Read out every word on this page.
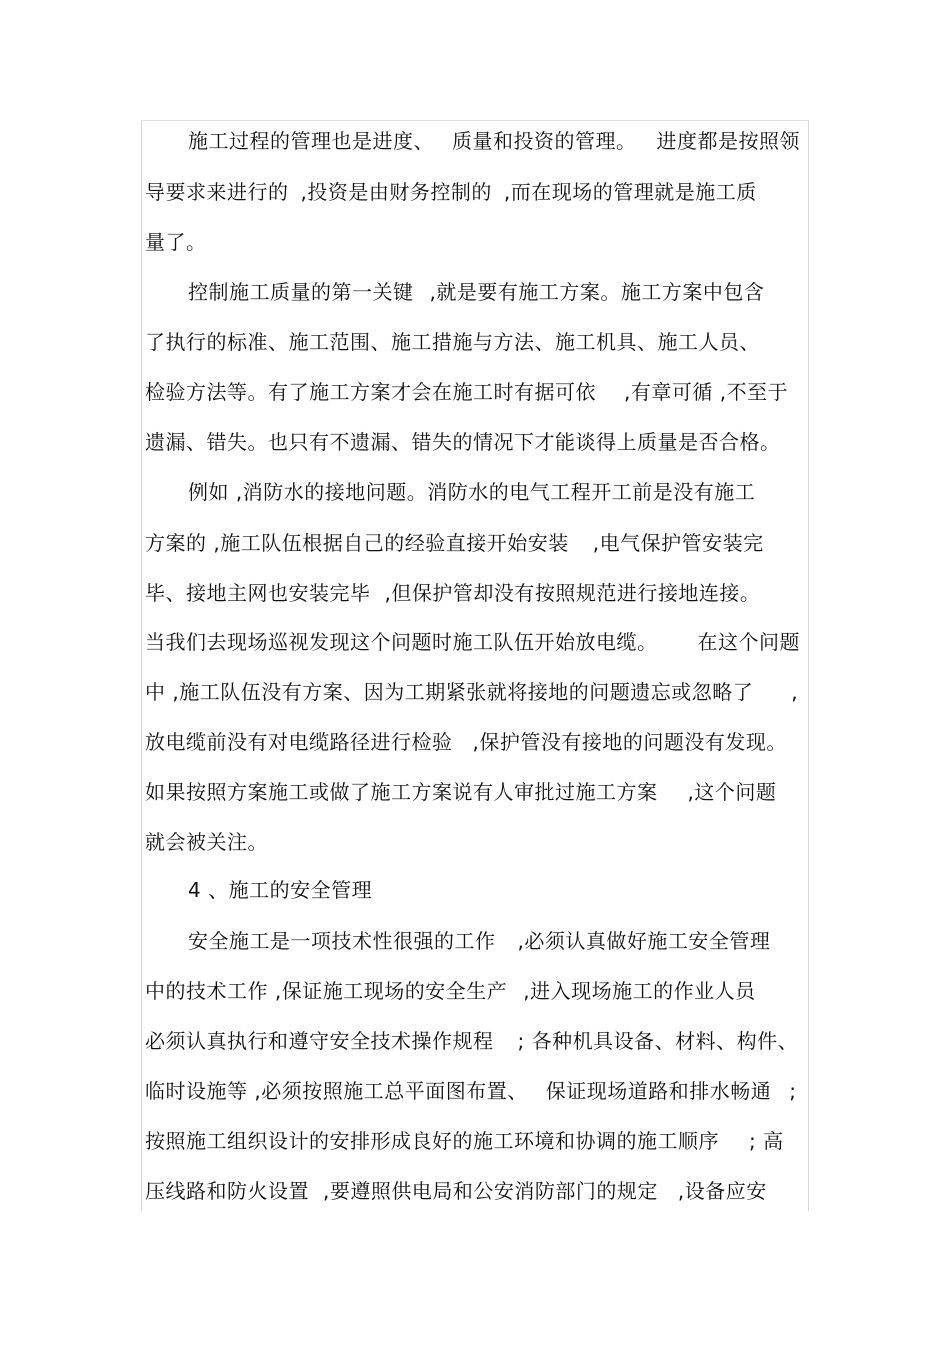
施工过程的管理也是进度、 质量和投资的管理。 进度都是按照领
导要求来进行的 ,投资是由财务控制的 ,而在现场的管理就是施工质
量了。
控制施工质量的第一关键 ,就是要有施工方案。施工方案中包含
了执行的标准、施工范围、施工措施与方法、施工机具、施工人员、
检验方法等。有了施工方案才会在施工时有据可依 ,有章可循 ,不至于
遗漏、错失。也只有不遗漏、错失的情况下才能谈得上质量是否合格。
例如 ,消防水的接地问题。消防水的电气工程开工前是没有施工
方案的 ,施工队伍根据自己的经验直接开始安装 ,电气保护管安装完
毕、接地主网也安装完毕 ,但保护管却没有按照规范进行接地连接。
当我们去现场巡视发现这个问题时施工队伍开始放电缆。 在这个问题
中 ,施工队伍没有方案、因为工期紧张就将接地的问题遗忘或忽略了 ,
放电缆前没有对电缆路径进行检验 ,保护管没有接地的问题没有发现。
如果按照方案施工或做了施工方案说有人审批过施工方案 ,这个问题
就会被关注。
4 、施工的安全管理
安全施工是一项技术性很强的工作 ,必须认真做好施工安全管理
中的技术工作 ,保证施工现场的安全生产 ,进入现场施工的作业人员
必须认真执行和遵守安全技术操作规程 ; 各种机具设备、材料、构件、
临时设施等 ,必须按照施工总平面图布置、 保证现场道路和排水畅通 ;
按照施工组织设计的安排形成良好的施工环境和协调的施工顺序 ; 高
压线路和防火设置 ,要遵照供电局和公安消防部门的规定 ,设备应安
